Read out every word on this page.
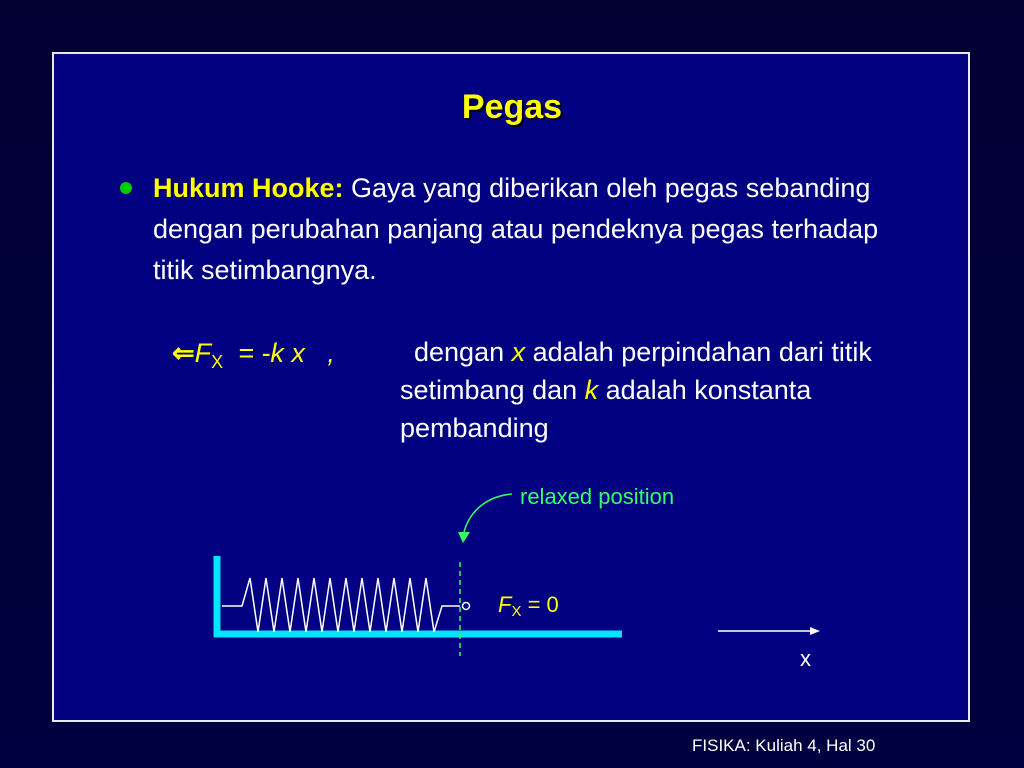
Pegas
Hukum Hooke: Gaya yang diberikan oleh pegas sebanding dengan perubahan panjang atau pendeknya pegas terhadap titik setimbangnya.
$⇐F_X = -k$ x   ,	dengan x adalah perpindahan dari titik setimbang dan k adalah konstanta pembanding
relaxed position
$F_X = 0$
x
FISIKA: Kuliah 4, Hal 30
